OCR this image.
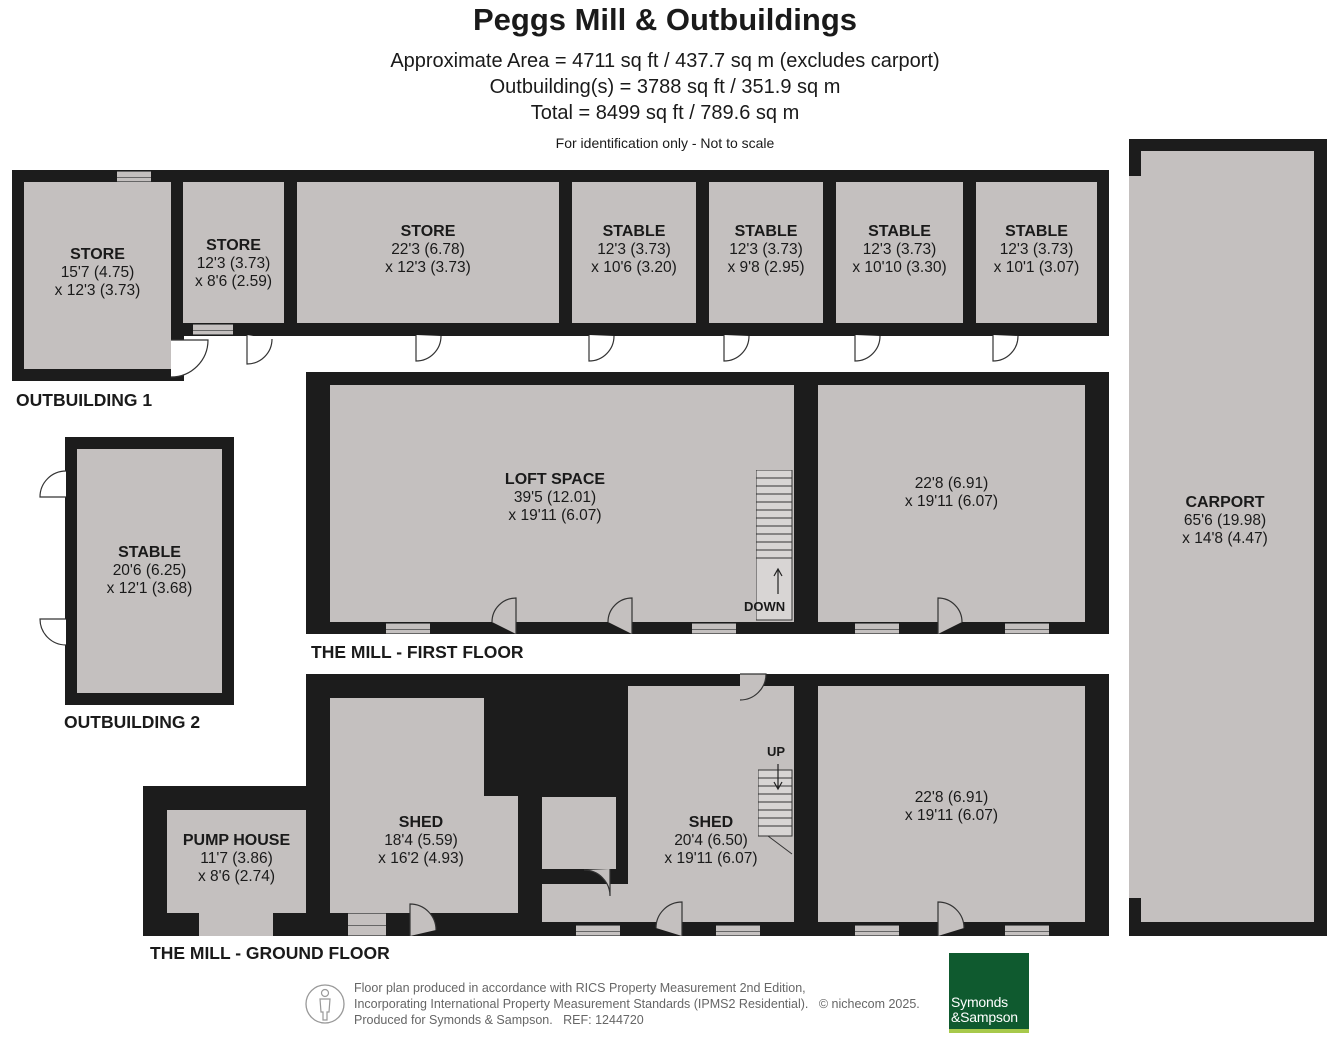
Peggs Mill & Outbuildings
Approximate Area = 4711 sq ft / 437.7 sq m (excludes carport)
Outbuilding(s) = 3788 sq ft / 351.9 sq m
Total = 8499 sq ft / 789.6 sq m
For identification only - Not to scale
STORE
15'7 (4.75)
x 12'3 (3.73)
STORE
12'3 (3.73)
x 8'6 (2.59)
STORE
22'3 (6.78)
x 12'3 (3.73)
STABLE
12'3 (3.73)
x 10'6 (3.20)
STABLE
12'3 (3.73)
x 9'8 (2.95)
STABLE
12'3 (3.73)
x 10'10 (3.30)
STABLE
12'3 (3.73)
x 10'1 (3.07)
OUTBUILDING 1
STABLE
20'6 (6.25)
x 12'1 (3.68)
OUTBUILDING 2
DOWN
LOFT SPACE
39'5 (12.01)
x 19'11 (6.07)
22'8 (6.91)
x 19'11 (6.07)
THE MILL - FIRST FLOOR
CARPORT
65'6 (19.98)
x 14'8 (4.47)
UP
PUMP HOUSE
11'7 (3.86)
x 8'6 (2.74)
SHED
18'4 (5.59)
x 16'2 (4.93)
SHED
20'4 (6.50)
x 19'11 (6.07)
22'8 (6.91)
x 19'11 (6.07)
THE MILL - GROUND FLOOR
Floor plan produced in accordance with RICS Property Measurement 2nd Edition,
Incorporating International Property Measurement Standards (IPMS2 Residential). © nichecom 2025.
Produced for Symonds & Sampson. REF: 1244720
Symonds
&Sampson
